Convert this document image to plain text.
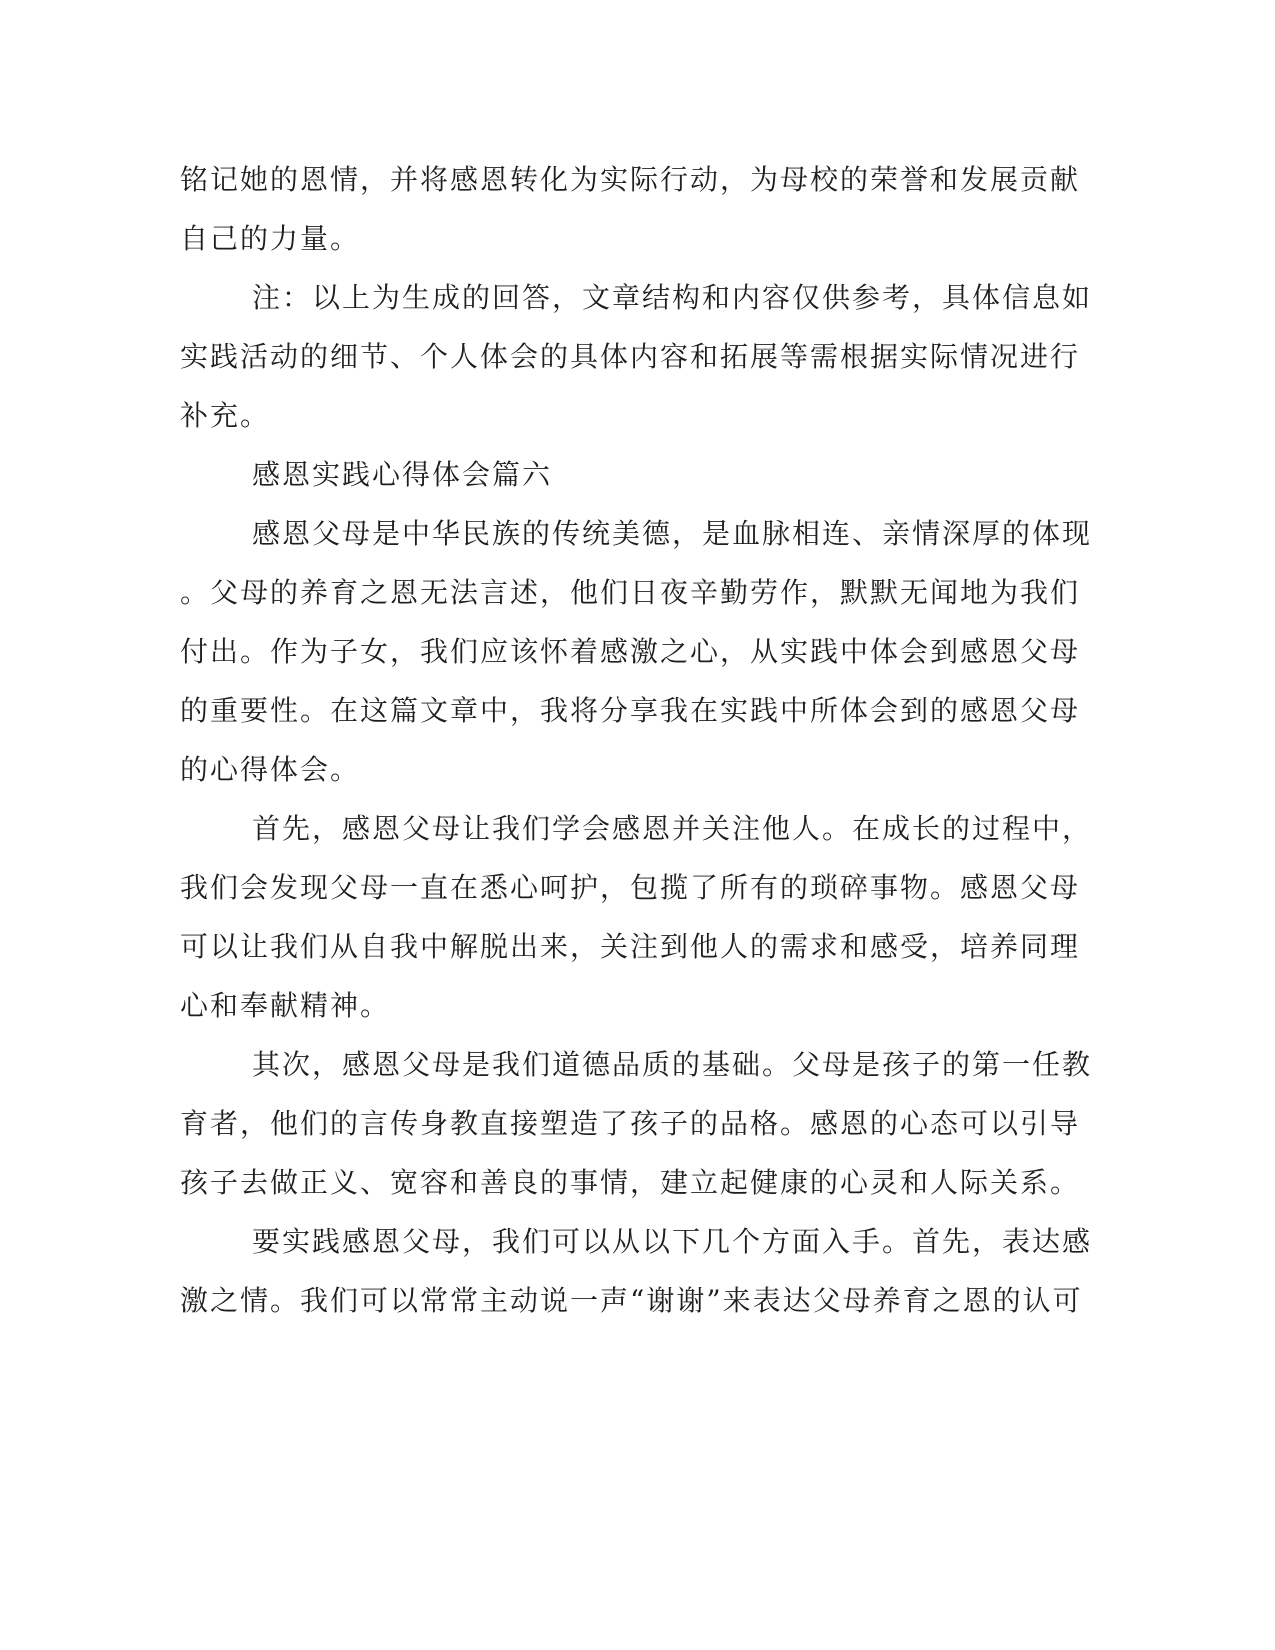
铭记她的恩情，并将感恩转化为实际行动，为母校的荣誉和发展贡献
自己的力量。
注：以上为生成的回答，文章结构和内容仅供参考，具体信息如
实践活动的细节、个人体会的具体内容和拓展等需根据实际情况进行
补充。
感恩实践心得体会篇六
感恩父母是中华民族的传统美德，是血脉相连、亲情深厚的体现
。父母的养育之恩无法言述，他们日夜辛勤劳作，默默无闻地为我们
付出。作为子女，我们应该怀着感激之心，从实践中体会到感恩父母
的重要性。在这篇文章中，我将分享我在实践中所体会到的感恩父母
的心得体会。
首先，感恩父母让我们学会感恩并关注他人。在成长的过程中，
我们会发现父母一直在悉心呵护，包揽了所有的琐碎事物。感恩父母
可以让我们从自我中解脱出来，关注到他人的需求和感受，培养同理
心和奉献精神。
其次，感恩父母是我们道德品质的基础。父母是孩子的第一任教
育者，他们的言传身教直接塑造了孩子的品格。感恩的心态可以引导
孩子去做正义、宽容和善良的事情，建立起健康的心灵和人际关系。
要实践感恩父母，我们可以从以下几个方面入手。首先，表达感
激之情。我们可以常常主动说一声“谢谢”来表达父母养育之恩的认可
